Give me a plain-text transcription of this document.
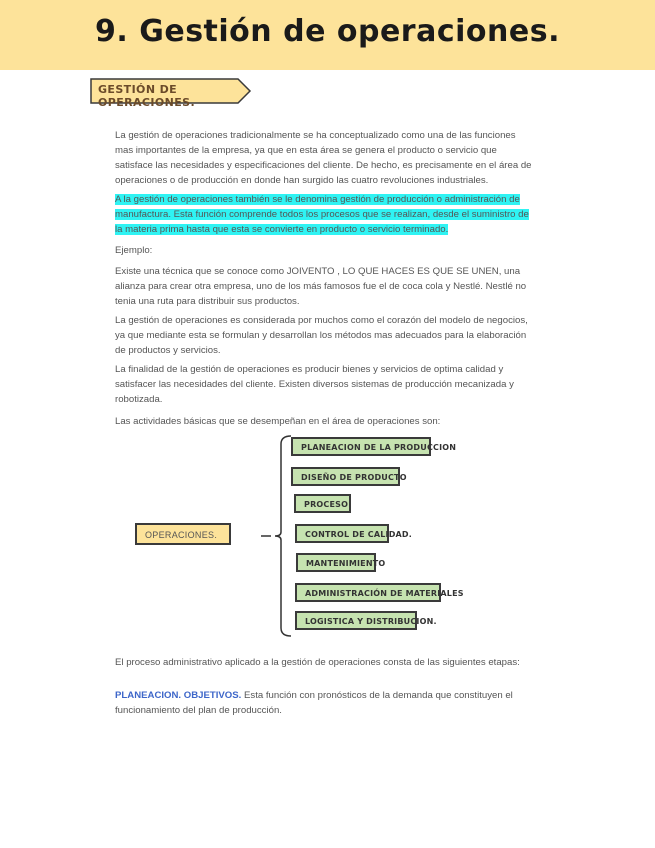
9. Gestión de operaciones.
GESTIÓN DE OPERACIONES.

La gestión de operaciones tradicionalmente se ha conceptualizado como una de las funciones mas importantes de la empresa, ya que en esta área se genera el producto o servicio que satisface las necesidades y especificaciones del cliente. De hecho, es precisamente en el área de operaciones o de producción en donde han surgido las cuatro revoluciones industriales.

A la gestión de operaciones también se le denomina gestión de producción o administración de manufactura. Esta función comprende todos los procesos que se realizan, desde el suministro de la materia prima hasta que esta se convierte en producto o servicio terminado.

Ejemplo:

Existe una técnica que se conoce como JOIVENTO , LO QUE HACES ES QUE SE UNEN, una alianza para crear otra empresa, uno de los más famosos fue el de coca cola y Nestlé. Nestlé no tenia una ruta para distribuir sus productos.

La gestión de operaciones es considerada por muchos como el corazón del modelo de negocios, ya que mediante esta se formulan y desarrollan los métodos mas adecuados para la elaboración de productos y servicios.

La finalidad de la gestión de operaciones es producir bienes y servicios de optima calidad y satisfacer las necesidades del cliente. Existen diversos sistemas de producción mecanizada y robotizada.

Las actividades básicas que se desempeñan en el área de operaciones son:

OPERACIONES.
PLANEACION DE LA PRODUCCION
DISEÑO DE PRODUCTO
PROCESO
CONTROL DE CALIDAD.
MANTENIMIENTO
ADMINISTRACIÓN DE MATERIALES
LOGISTICA Y DISTRIBUCION.

El proceso administrativo aplicado a la gestión de operaciones consta de las siguientes etapas:

PLANEACION. OBJETIVOS. Esta función con pronósticos de la demanda que constituyen el funcionamiento del plan de producción.
